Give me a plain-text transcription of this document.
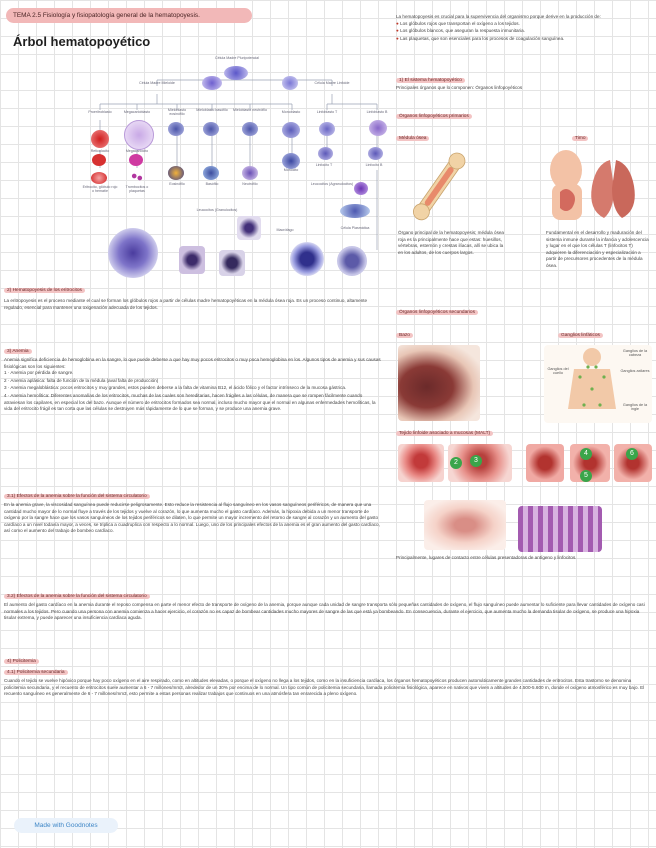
TEMA 2.5 Fisiología y fisiopatología general de la hematopoyesis.
Árbol hematopoyético
Célula Madre Pluripotencial
Célula Madre Mieloide	Célula Madre Linfoide
Proeritroblasto	Megacarioblasto	Mieloblasto eosinófilo
Mieloblasto basófilo	Mieloblasto neutrófilo	Monoblasto	Linfoblasto T	Linfoblasto B
Reticulocito	Megacariocito
Linfocito T	Linfocito B
Eritrocito, glóbulo rojo o hematíe
Trombocitos o plaquetas
Eosinófilo	Basófilo	Neutrófilo
Monocito
Leucocitos (Granulocitos)
Leucocitos (Agranulocitos)
Célula Plasmática
Macrófago
2) Hematopoyesis de los eritrocitos
La eritropoyesis es el proceso mediante el cual se forman los glóbulos rojos a partir de células madre hematopoyéticas en la médula ósea roja. Es un proceso continuo, altamente regulado, esencial para mantener una oxigenación adecuada de los tejidos.
3) Anemia
Anemia significa deficiencia de hemoglobina en la sangre, lo que puede deberse a que hay muy pocos eritrocitos o muy poca hemoglobina en los. Algunos tipos de anemia y sus causas fisiológicas son los siguientes:

1 · Anemia por pérdida de sangre.

2 · Anemia aplásica: falta de función de la médula (aval falta de producción)

3 · Anemia megaloblástica: pocos eritrocitos y muy grandes, estos pueden deberse a la falta de vitamina B12, el ácido fólico y el factor intrínseco de la mucosa gástrica.

4 · Anemia hemolítica: Diferentes anomalías de los eritrocitos, muchas de las cuales son hereditarias, hacen frágiles a las células, de manera que se rompen fácilmente cuando atraviesan los capilares, en especial los del bazo. Aunque el número de eritrocitos formados sea normal, incluso mucho mayor que el normal en algunas enfermedades hemolíticas, la vida del eritrocito frágil es tan corta que las células se destruyen más rápidamente de lo que se forman, y se produce una anemia grave.

3.1) Efectos de la anemia sobre la función del sistema circulatorio
En la anemia grave, la viscosidad sanguínea puede reducirse peligrosamente. Esto reduce la resistencia al flujo sanguíneo en los vasos sanguíneos periféricos, de manera que una cantidad mucho mayor de lo normal fluye a través de los tejidos y vuelve al corazón, lo que aumenta mucho el gasto cardíaco. Además, la hipoxia debida a un menor transporte de oxígeno por la sangre hace que los vasos sanguíneos de los tejidos periféricos se dilaten, lo que permite un mayor incremento del retorno de sangre al corazón y un aumento del gasto cardíaco a un nivel todavía mayor, a veces, se triplica a cuadruplica con respecto a lo normal. Luego, uno de los principales efectos de la anemia es el gran aumento del gasto cardíaco, así como el aumento del trabajo de bombeo cardíaco.
La hematopoyesis es crucial para la supervivencia del organismo porque derive en la producción de:

● Los glóbulos rojos que transportan el oxígeno a los tejidos.

● Los glóbulos blancos, que aseguran la respuesta inmunitaria.

● Las plaquetas, que son esenciales para los procesos de coagulación sanguínea.

1) El sistema hematopoyético
Principales órganos que lo componen: Órganos linfopoyéticos
Órganos linfopoyéticos primarios
Médula ósea	Timo
Órgano principal de la hematopoyesis; médula ósea roja es la principalmente hace que estas: huesillos, vértebras, esternón y crestas ilíacas, allí se ubica la en los adultos, de los cuerpos largos.
Fundamental en el desarrollo y maduración del sistema inmune durante la infancia y adolescencia y lugar en el que los células T (linfocitos T) adquieren la diferenciación y especialización a partir de precursores procedentes de la médula ósea.
Órganos linfopoyéticos secundarios
Bazo	Ganglios linfáticos
Ganglios de la cabeza
Ganglios del cuello	Ganglios axilares
Ganglios de la ingle
Tejido linfoide asociado a mucosas (MALT)
2	3
4
5
6
Principalmente, lugares de contacto entre células presentadoras de antígeno y linfocitos.
3.2) Efectos de la anemia sobre la función del sistema circulatorio
El aumento del gasto cardíaco en la anemia durante el reposo compensa en parte el menor efecto de transporte de oxígeno de la anemia, porque aunque cada unidad de sangre transporta sólo pequeñas cantidades de oxígeno, el flujo sanguíneo puede aumentar lo suficiente para llevar cantidades de oxígeno casi normales a los tejidos. Pero cuando una persona con anemia comienza a hacer ejercicio, el corazón no es capaz de bombear cantidades mucho mayores de sangre de las que está ya bombeando. En consecuencia, durante el ejercicio, que aumenta mucho la demanda tisular de oxígeno, se produce una hipoxia tisular extrema, y puede aparecer una insuficiencia cardíaca aguda.
4) Policitemia
4.1) Policitemia secundaria
Cuando el tejido se vuelve hipóxico porque hay poco oxígeno en el aire respirado, como en altitudes elevadas, o porque el oxígeno no llega a los tejidos, como en la insuficiencia cardíaca, los órganos hematopoyéticos producen automáticamente grandes cantidades de eritrocitos. Esta trastorno se denomina policitemia secundaria, y el recuento de eritrocitos suele aumentar a 6 - 7 millones/mm3, alrededor de un 30% por encima de lo normal. Un tipo común de policitemia secundaria, llamada policitemia fisiológica, aparece en nativos que viven a altitudes de 4.500-5.600 m, donde el oxígeno atmosférico es muy bajo. El recuento sanguíneo es generalmente de 6 - 7 millones/mm3, esto permite a estas personas realizar trabajos que continuos en una atmósfera tan enrarecida a pleno oxígeno.
Made with Goodnotes
